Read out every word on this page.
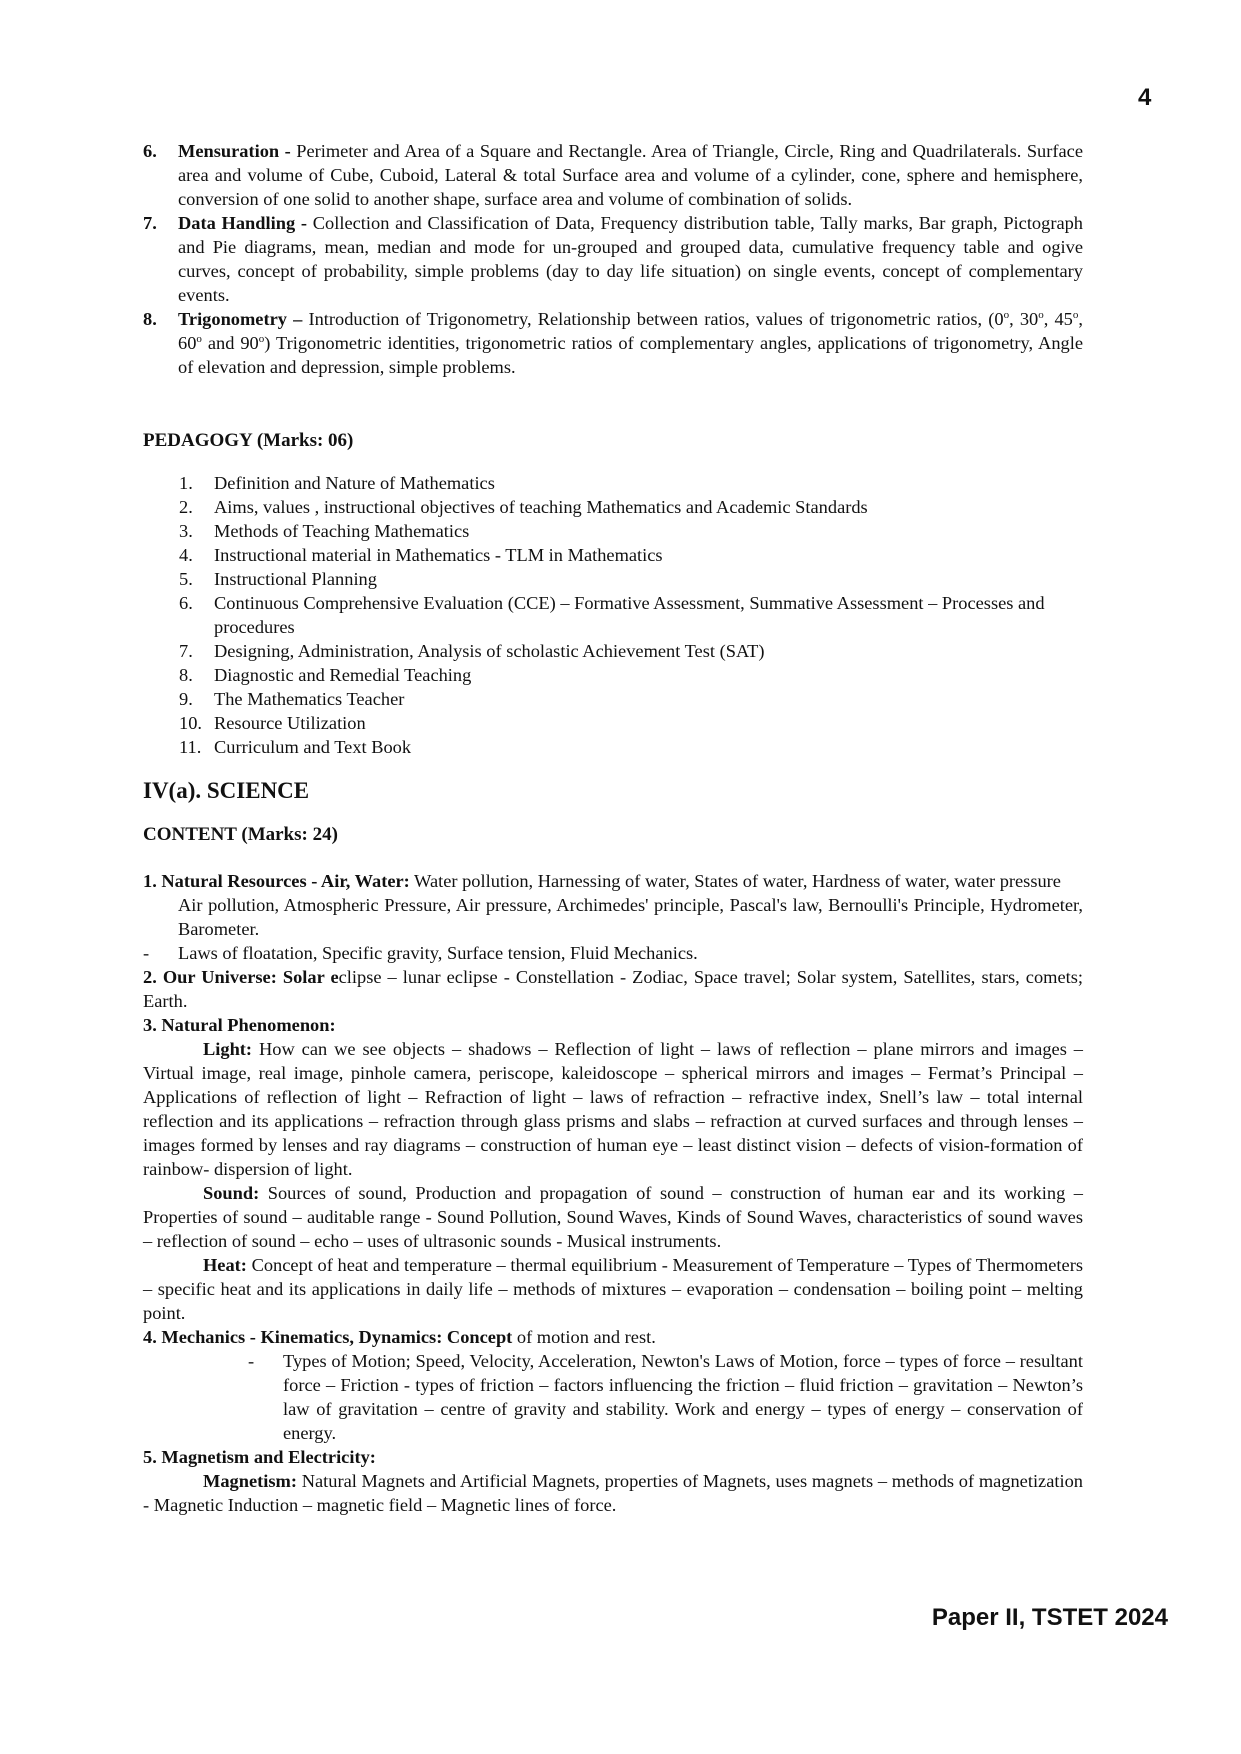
4
6. Mensuration - Perimeter and Area of a Square and Rectangle. Area of Triangle, Circle, Ring and Quadrilaterals. Surface area and volume of Cube, Cuboid, Lateral & total Surface area and volume of a cylinder, cone, sphere and hemisphere, conversion of one solid to another shape, surface area and volume of combination of solids.
7. Data Handling - Collection and Classification of Data, Frequency distribution table, Tally marks, Bar graph, Pictograph and Pie diagrams, mean, median and mode for un-grouped and grouped data, cumulative frequency table and ogive curves, concept of probability, simple problems (day to day life situation) on single events, concept of complementary events.
8. Trigonometry – Introduction of Trigonometry, Relationship between ratios, values of trigonometric ratios, (0$^o$, 30$^o$, 45$^o$, 60$^o$ and 90$^o$) Trigonometric identities, trigonometric ratios of complementary angles, applications of trigonometry, Angle of elevation and depression, simple problems.
PEDAGOGY (Marks: 06)
1. Definition and Nature of Mathematics
2. Aims, values , instructional objectives of teaching Mathematics and Academic Standards
3. Methods of Teaching Mathematics
4. Instructional material in Mathematics - TLM in Mathematics
5. Instructional Planning
6. Continuous Comprehensive Evaluation (CCE) – Formative Assessment, Summative Assessment – Processes and procedures
7. Designing, Administration, Analysis of scholastic Achievement Test (SAT)
8. Diagnostic and Remedial Teaching
9. The Mathematics Teacher
10. Resource Utilization
11. Curriculum and Text Book
IV(a). SCIENCE
CONTENT (Marks: 24)
1. Natural Resources - Air, Water: Water pollution, Harnessing of water, States of water, Hardness of water, water pressure
Air pollution, Atmospheric Pressure, Air pressure, Archimedes' principle, Pascal's law, Bernoulli's Principle, Hydrometer, Barometer.
- Laws of floatation, Specific gravity, Surface tension, Fluid Mechanics.
2. Our Universe: Solar eclipse – lunar eclipse - Constellation - Zodiac, Space travel; Solar system, Satellites, stars, comets; Earth.
3. Natural Phenomenon:
Light: How can we see objects – shadows – Reflection of light – laws of reflection – plane mirrors and images – Virtual image, real image, pinhole camera, periscope, kaleidoscope – spherical mirrors and images – Fermat’s Principal – Applications of reflection of light – Refraction of light – laws of refraction – refractive index, Snell’s law – total internal reflection and its applications – refraction through glass prisms and slabs – refraction at curved surfaces and through lenses – images formed by lenses and ray diagrams – construction of human eye – least distinct vision – defects of vision-formation of rainbow- dispersion of light.
Sound: Sources of sound, Production and propagation of sound – construction of human ear and its working – Properties of sound – auditable range - Sound Pollution, Sound Waves, Kinds of Sound Waves, characteristics of sound waves – reflection of sound – echo – uses of ultrasonic sounds - Musical instruments.
Heat: Concept of heat and temperature – thermal equilibrium - Measurement of Temperature – Types of Thermometers – specific heat and its applications in daily life – methods of mixtures – evaporation – condensation – boiling point – melting point.
4. Mechanics - Kinematics, Dynamics: Concept of motion and rest.
- Types of Motion; Speed, Velocity, Acceleration, Newton's Laws of Motion, force – types of force – resultant force – Friction - types of friction – factors influencing the friction – fluid friction – gravitation – Newton’s law of gravitation – centre of gravity and stability. Work and energy – types of energy – conservation of energy.
5. Magnetism and Electricity:
Magnetism: Natural Magnets and Artificial Magnets, properties of Magnets, uses magnets – methods of magnetization - Magnetic Induction – magnetic field – Magnetic lines of force.
Paper II, TSTET 2024
